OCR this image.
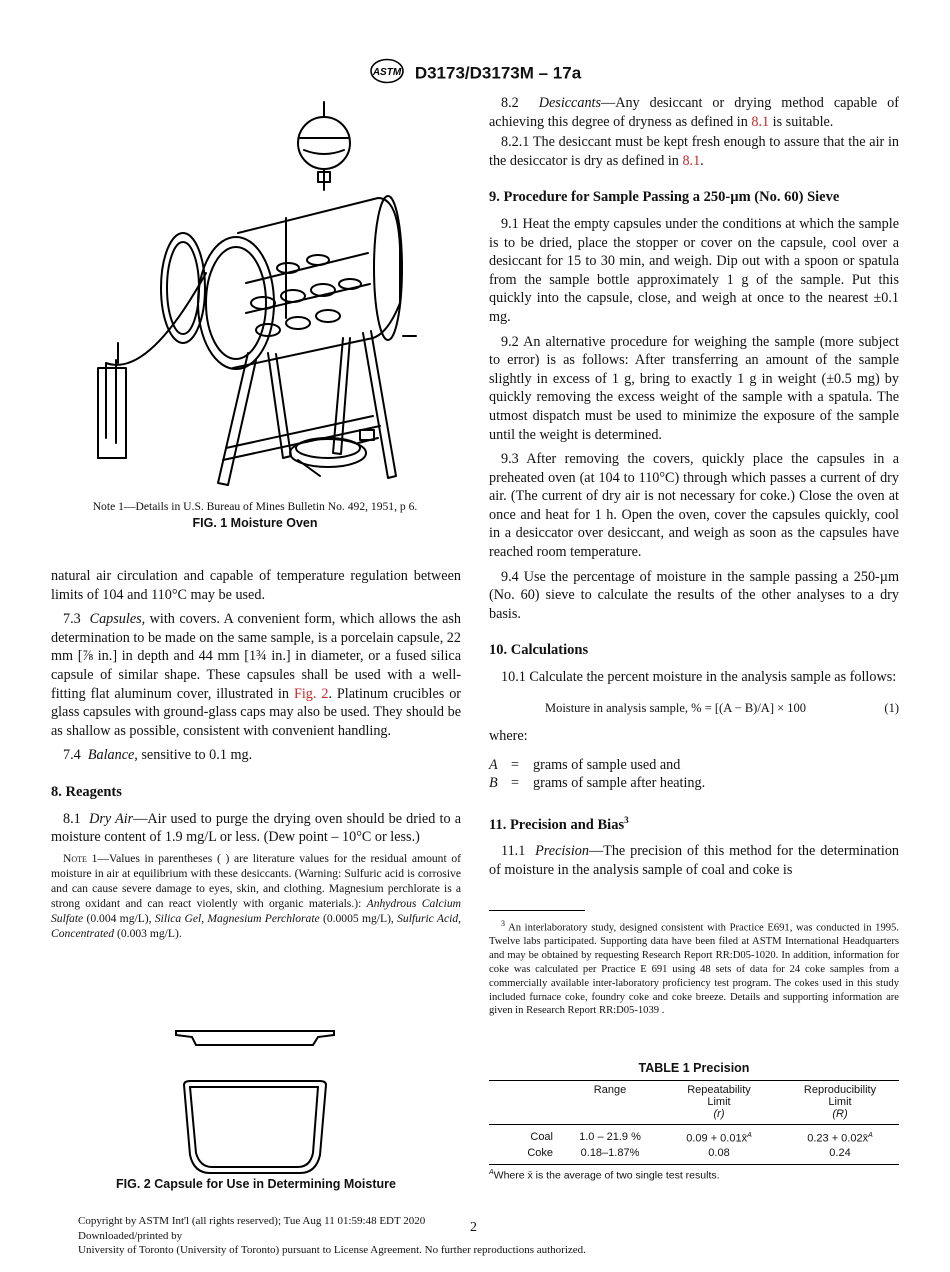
ASTM D3173/D3173M – 17a
Note 1—Details in U.S. Bureau of Mines Bulletin No. 492, 1951, p 6.
FIG. 1 Moisture Oven

natural air circulation and capable of temperature regulation between limits of 104 and 110°C may be used.

7.3 Capsules, with covers. A convenient form, which allows the ash determination to be made on the same sample, is a porcelain capsule, 22 mm [⅞ in.] in depth and 44 mm [1¾ in.] in diameter, or a fused silica capsule of similar shape. These capsules shall be used with a well-fitting flat aluminum cover, illustrated in Fig. 2. Platinum crucibles or glass capsules with ground-glass caps may also be used. They should be as shallow as possible, consistent with convenient handling.

7.4 Balance, sensitive to 0.1 mg.

8. Reagents

8.1 Dry Air—Air used to purge the drying oven should be dried to a moisture content of 1.9 mg/L or less. (Dew point – 10°C or less.)

Note 1—Values in parentheses ( ) are literature values for the residual amount of moisture in air at equilibrium with these desiccants. (Warning: Sulfuric acid is corrosive and can cause severe damage to eyes, skin, and clothing. Magnesium perchlorate is a strong oxidant and can react violently with organic materials.): Anhydrous Calcium Sulfate (0.004 mg/L), Silica Gel, Magnesium Perchlorate (0.0005 mg/L), Sulfuric Acid, Concentrated (0.003 mg/L).

FIG. 2 Capsule for Use in Determining Moisture

8.2 Desiccants—Any desiccant or drying method capable of achieving this degree of dryness as defined in 8.1 is suitable.

8.2.1 The desiccant must be kept fresh enough to assure that the air in the desiccator is dry as defined in 8.1.

9. Procedure for Sample Passing a 250-µm (No. 60) Sieve

9.1 Heat the empty capsules under the conditions at which the sample is to be dried, place the stopper or cover on the capsule, cool over a desiccant for 15 to 30 min, and weigh. Dip out with a spoon or spatula from the sample bottle approximately 1 g of the sample. Put this quickly into the capsule, close, and weigh at once to the nearest ±0.1 mg.

9.2 An alternative procedure for weighing the sample (more subject to error) is as follows: After transferring an amount of the sample slightly in excess of 1 g, bring to exactly 1 g in weight (±0.5 mg) by quickly removing the excess weight of the sample with a spatula. The utmost dispatch must be used to minimize the exposure of the sample until the weight is determined.

9.3 After removing the covers, quickly place the capsules in a preheated oven (at 104 to 110°C) through which passes a current of dry air. (The current of dry air is not necessary for coke.) Close the oven at once and heat for 1 h. Open the oven, cover the capsules quickly, cool in a desiccator over desiccant, and weigh as soon as the capsules have reached room temperature.

9.4 Use the percentage of moisture in the sample passing a 250-µm (No. 60) sieve to calculate the results of the other analyses to a dry basis.

10. Calculations

10.1 Calculate the percent moisture in the analysis sample as follows:

Moisture in analysis sample, % = [(A − B)/A] × 100	(1)

where:

A = grams of sample used and
B = grams of sample after heating.

11. Precision and Bias$^3$

11.1 Precision—The precision of this method for the determination of moisture in the analysis sample of coal and coke is

$^3$ An interlaboratory study, designed consistent with Practice E691, was conducted in 1995. Twelve labs participated. Supporting data have been filed at ASTM International Headquarters and may be obtained by requesting Research Report RR:D05-1020. In addition, information for coke was calculated per Practice E 691 using 48 sets of data for 24 coke samples from a commercially available inter-laboratory proficiency test program. The cokes used in this study included furnace coke, foundry coke and coke breeze. Details and supporting information are given in Research Report RR:D05-1039 .

TABLE 1 Precision
	Range	Repeatability
Limit
(r)	Reproducibility
Limit
(R)
Coal	1.0 – 21.9 %	0.09 + 0.01x̄$^A$	0.23 + 0.02x̄$^A$
Coke	0.18–1.87%	0.08	0.24
$^A$Where x̄ is the average of two single test results.
2
Copyright by ASTM Int'l (all rights reserved); Tue Aug 11 01:59:48 EDT 2020
Downloaded/printed by
University of Toronto (University of Toronto) pursuant to License Agreement. No further reproductions authorized.
